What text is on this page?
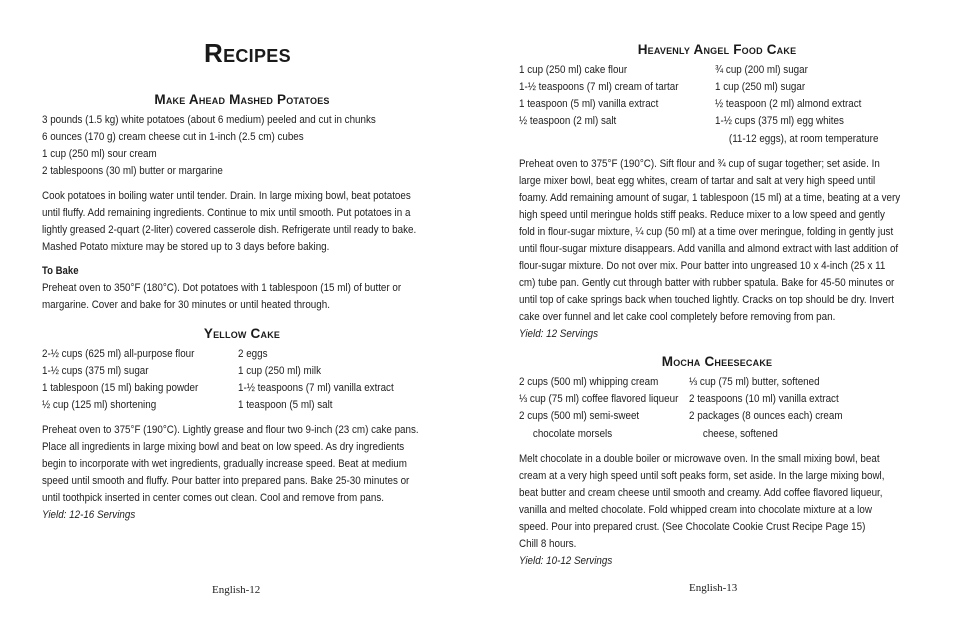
Recipes
Make Ahead Mashed Potatoes
3 pounds (1.5 kg) white potatoes (about 6 medium) peeled and cut in chunks
6 ounces (170 g) cream cheese cut in 1-inch (2.5 cm) cubes
1 cup (250 ml) sour cream
2 tablespoons (30 ml) butter or margarine
Cook potatoes in boiling water until tender. Drain. In large mixing bowl, beat potatoes
until fluffy. Add remaining ingredients. Continue to mix until smooth. Put potatoes in a
lightly greased 2-quart (2-liter) covered casserole dish. Refrigerate until ready to bake.
Mashed Potato mixture may be stored up to 3 days before baking.
To Bake
Preheat oven to 350°F (180°C). Dot potatoes with 1 tablespoon (15 ml) of butter or
margarine. Cover and bake for 30 minutes or until heated through.
Yellow Cake
2-½ cups (625 ml) all-purpose flour
1-½ cups (375 ml) sugar
1 tablespoon (15 ml) baking powder
½ cup (125 ml) shortening
2 eggs
1 cup (250 ml) milk
1-½ teaspoons (7 ml) vanilla extract
1 teaspoon (5 ml) salt
Preheat oven to 375°F (190°C). Lightly grease and flour two 9-inch (23 cm) cake pans.
Place all ingredients in large mixing bowl and beat on low speed. As dry ingredients
begin to incorporate with wet ingredients, gradually increase speed. Beat at medium
speed until smooth and fluffy. Pour batter into prepared pans. Bake 25-30 minutes or
until toothpick inserted in center comes out clean. Cool and remove from pans.
Yield: 12-16 Servings
English-12
Heavenly Angel Food Cake
1 cup (250 ml) cake flour
1-½ teaspoons (7 ml) cream of tartar
1 teaspoon (5 ml) vanilla extract
½ teaspoon (2 ml) salt
¾ cup (200 ml) sugar
1 cup (250 ml) sugar
½ teaspoon (2 ml) almond extract
1-½ cups (375 ml) egg whites
(11-12 eggs), at room temperature
Preheat oven to 375°F (190°C). Sift flour and ¾ cup of sugar together; set aside. In
large mixer bowl, beat egg whites, cream of tartar and salt at very high speed until
foamy. Add remaining amount of sugar, 1 tablespoon (15 ml) at a time, beating at a very
high speed until meringue holds stiff peaks. Reduce mixer to a low speed and gently
fold in flour-sugar mixture, ¼ cup (50 ml) at a time over meringue, folding in gently just
until flour-sugar mixture disappears. Add vanilla and almond extract with last addition of
flour-sugar mixture. Do not over mix. Pour batter into ungreased 10 x 4-inch (25 x 11
cm) tube pan. Gently cut through batter with rubber spatula. Bake for 45-50 minutes or
until top of cake springs back when touched lightly. Cracks on top should be dry. Invert
cake over funnel and let cake cool completely before removing from pan.
Yield: 12 Servings
Mocha Cheesecake
2 cups (500 ml) whipping cream
⅓ cup (75 ml) coffee flavored liqueur
2 cups (500 ml) semi-sweet
chocolate morsels
⅓ cup (75 ml) butter, softened
2 teaspoons (10 ml) vanilla extract
2 packages (8 ounces each) cream
cheese, softened
Melt chocolate in a double boiler or microwave oven. In the small mixing bowl, beat
cream at a very high speed until soft peaks form, set aside. In the large mixing bowl,
beat butter and cream cheese until smooth and creamy. Add coffee flavored liqueur,
vanilla and melted chocolate. Fold whipped cream into chocolate mixture at a low
speed. Pour into prepared crust. (See Chocolate Cookie Crust Recipe Page 15)
Chill 8 hours.
Yield: 10-12 Servings
English-13
